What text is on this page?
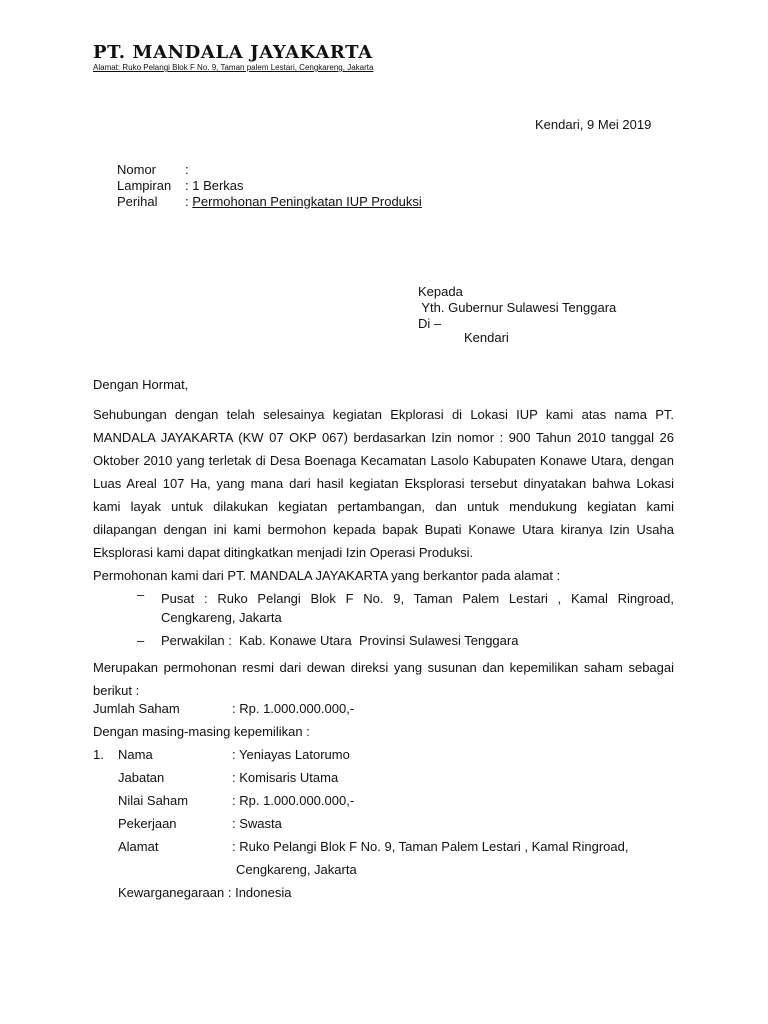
PT. MANDALA JAYAKARTA
Alamat: Ruko Pelangi Blok F No. 9, Taman palem Lestari, Cengkareng, Jakarta
Kendari, 9 Mei 2019
Nomor :
Lampiran : 1 Berkas
Perihal : Permohonan Peningkatan IUP Produksi
Kepada
Yth. Gubernur Sulawesi Tenggara
Di –
Kendari
Dengan Hormat,
Sehubungan dengan telah selesainya kegiatan Ekplorasi di Lokasi IUP kami atas nama PT. MANDALA JAYAKARTA (KW 07 OKP 067) berdasarkan Izin nomor : 900 Tahun 2010 tanggal 26 Oktober 2010 yang terletak di Desa Boenaga Kecamatan Lasolo Kabupaten Konawe Utara, dengan Luas Areal 107 Ha, yang mana dari hasil kegiatan Eksplorasi tersebut dinyatakan bahwa Lokasi kami layak untuk dilakukan kegiatan pertambangan, dan untuk mendukung kegiatan kami dilapangan dengan ini kami bermohon kepada bapak Bupati Konawe Utara kiranya Izin Usaha Eksplorasi kami dapat ditingkatkan menjadi Izin Operasi Produksi.
Permohonan kami dari PT. MANDALA JAYAKARTA yang berkantor pada alamat :
– Pusat : Ruko Pelangi Blok F No. 9, Taman Palem Lestari , Kamal Ringroad,
Cengkareng, Jakarta
– Perwakilan :  Kab. Konawe Utara  Provinsi Sulawesi Tenggara
Merupakan permohonan resmi dari dewan direksi yang susunan dan kepemilikan saham sebagai berikut :
Jumlah Saham	: Rp. 1.000.000.000,-
Dengan masing-masing kepemilikan :
1. Nama	: Yeniayas Latorumo
Jabatan	: Komisaris Utama
Nilai Saham	: Rp. 1.000.000.000,-
Pekerjaan	: Swasta
Alamat	: Ruko Pelangi Blok F No. 9, Taman Palem Lestari , Kamal Ringroad,
Cengkareng, Jakarta
Kewarganegaraan : Indonesia
